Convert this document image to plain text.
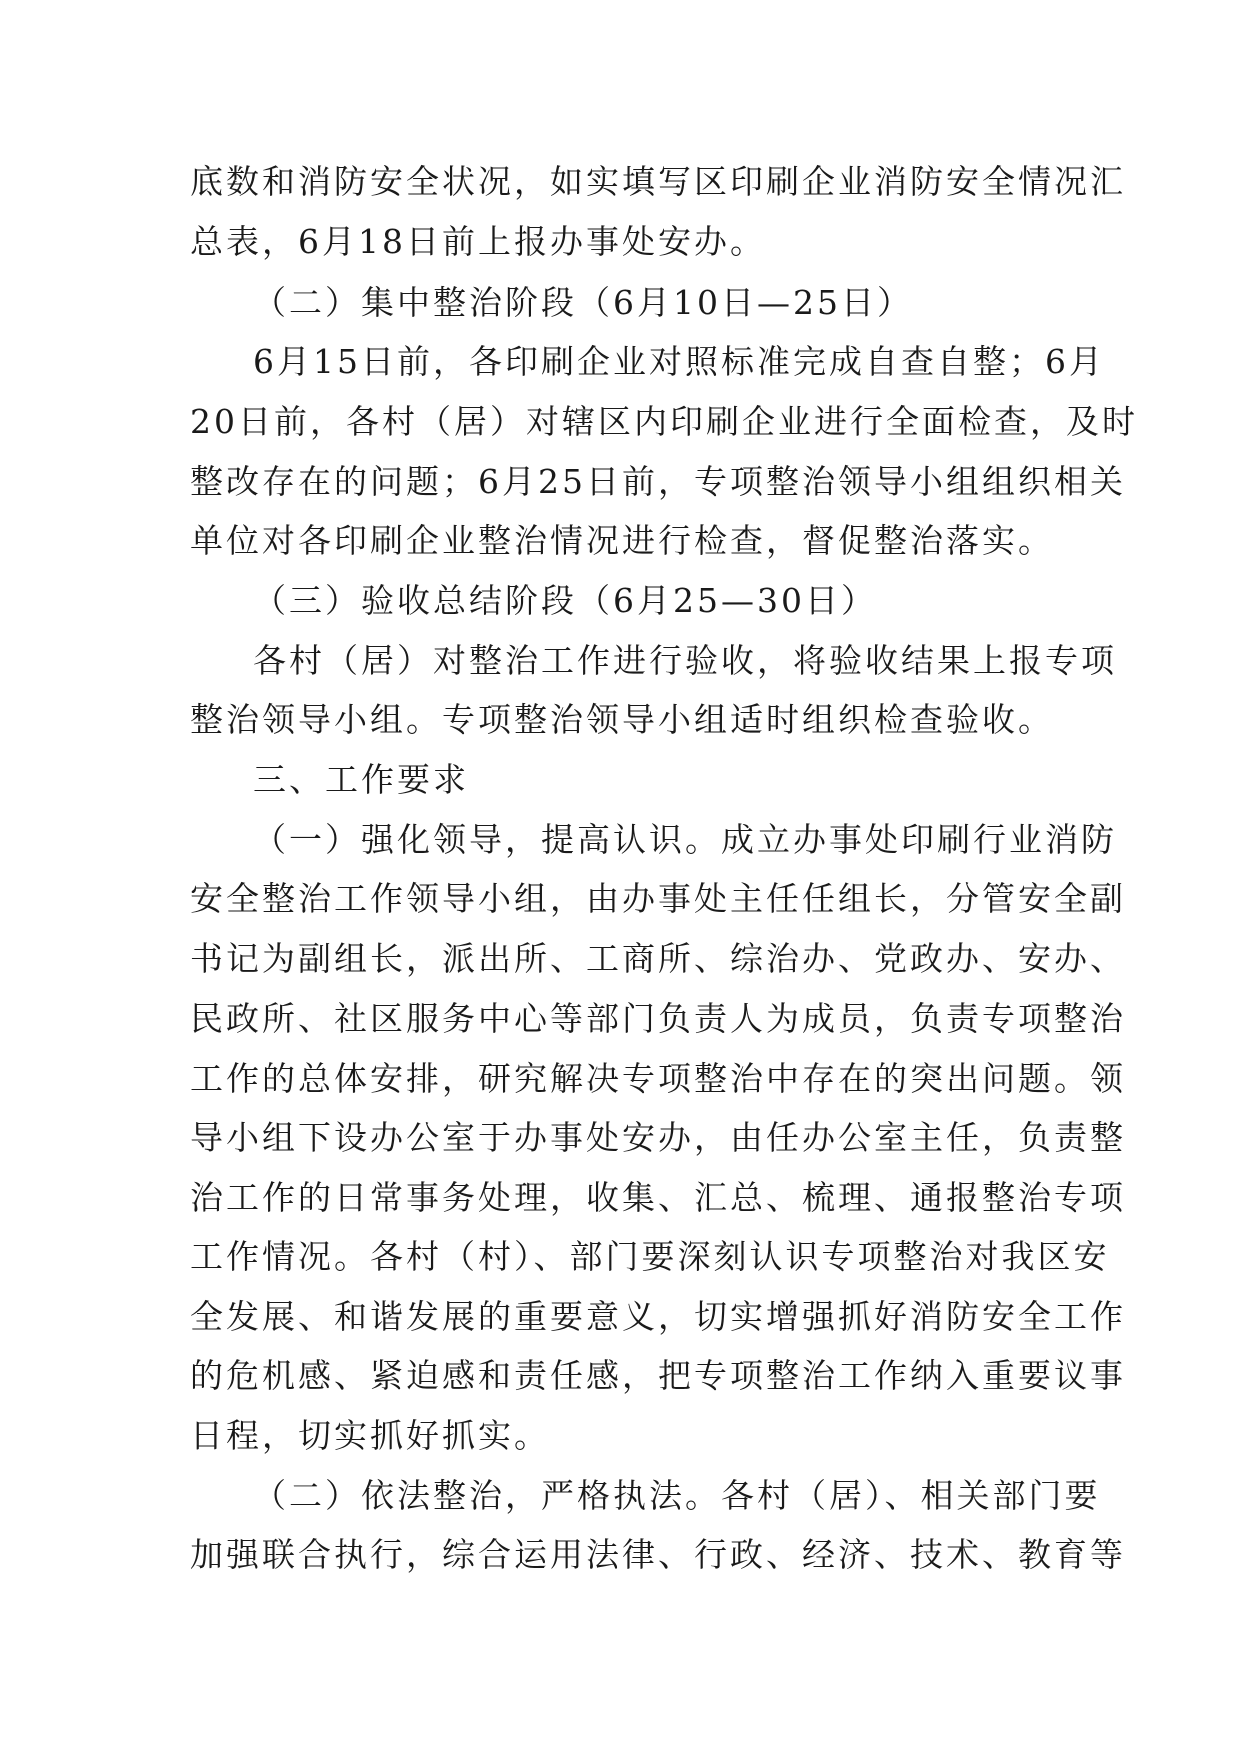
底数和消防安全状况，如实填写区印刷企业消防安全情况汇
总表，6月18日前上报办事处安办。
（二）集中整治阶段（6月10日—25日）
6月15日前，各印刷企业对照标准完成自查自整；6月
20日前，各村（居）对辖区内印刷企业进行全面检查，及时
整改存在的问题；6月25日前，专项整治领导小组组织相关
单位对各印刷企业整治情况进行检查，督促整治落实。
（三）验收总结阶段（6月25—30日）
各村（居）对整治工作进行验收，将验收结果上报专项
整治领导小组。专项整治领导小组适时组织检查验收。
三、工作要求
（一）强化领导，提高认识。成立办事处印刷行业消防
安全整治工作领导小组，由办事处主任任组长，分管安全副
书记为副组长，派出所、工商所、综治办、党政办、安办、
民政所、社区服务中心等部门负责人为成员，负责专项整治
工作的总体安排，研究解决专项整治中存在的突出问题。领
导小组下设办公室于办事处安办，由任办公室主任，负责整
治工作的日常事务处理，收集、汇总、梳理、通报整治专项
工作情况。各村（村）、部门要深刻认识专项整治对我区安
全发展、和谐发展的重要意义，切实增强抓好消防安全工作
的危机感、紧迫感和责任感，把专项整治工作纳入重要议事
日程，切实抓好抓实。
（二）依法整治，严格执法。各村（居）、相关部门要
加强联合执行，综合运用法律、行政、经济、技术、教育等
